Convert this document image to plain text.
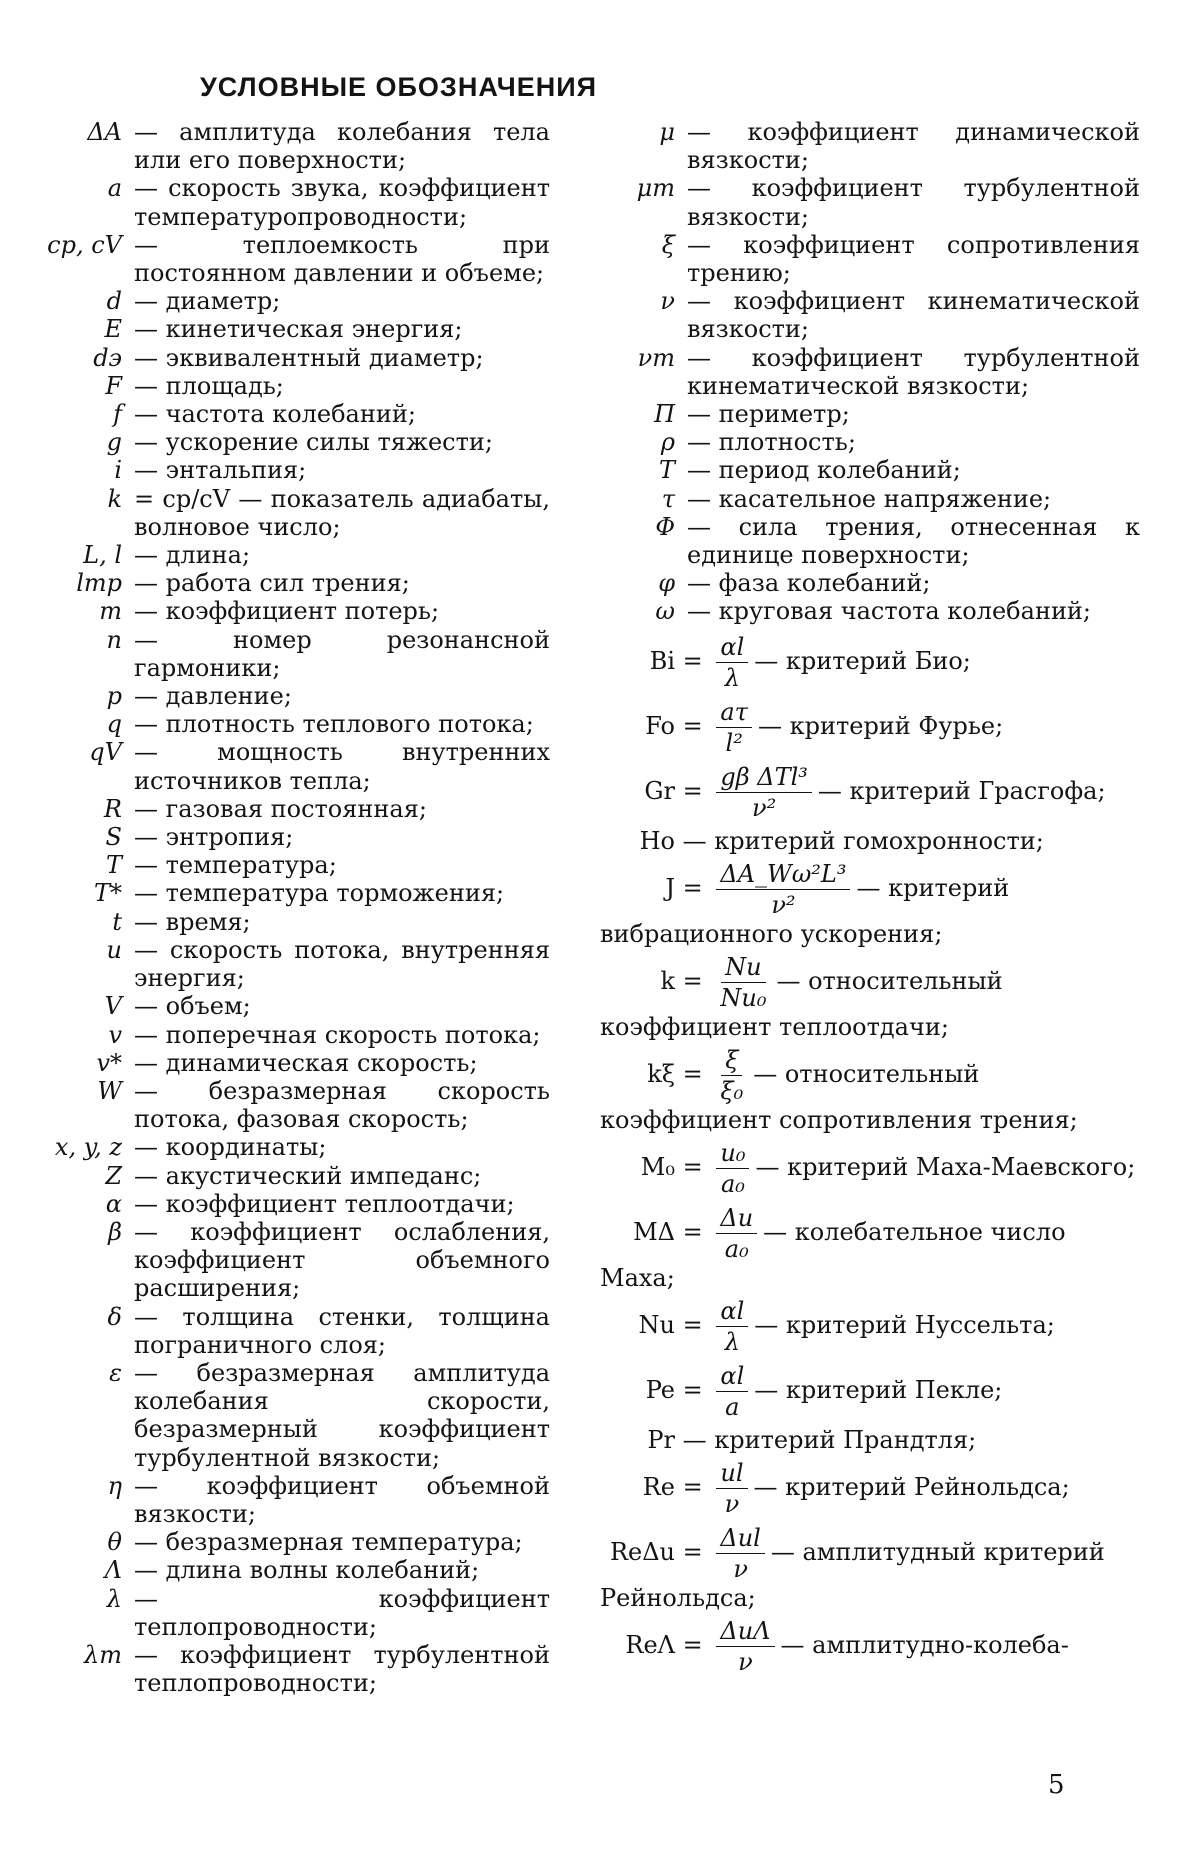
УСЛОВНЫЕ ОБОЗНАЧЕНИЯ
ΔA — амплитуда колебания тела или его поверхности;
a — скорость звука, коэффициент температуропроводности;
cp, cV — теплоемкость при постоянном давлении и объеме;
d — диаметр;
E — кинетическая энергия;
dэ — эквивалентный диаметр;
F — площадь;
f — частота колебаний;
g — ускорение силы тяжести;
i — энтальпия;
k = cp/cV — показатель адиабаты, волновое число;
L, l — длина;
lтр — работа сил трения;
m — коэффициент потерь;
n — номер резонансной гармоники;
p — давление;
q — плотность теплового потока;
qV — мощность внутренних источников тепла;
R — газовая постоянная;
S — энтропия;
T — температура;
T* — температура торможения;
t — время;
u — скорость потока, внутренняя энергия;
V — объем;
v — поперечная скорость потока;
v* — динамическая скорость;
W — безразмерная скорость потока, фазовая скорость;
x, y, z — координаты;
Z — акустический импеданс;
α — коэффициент теплоотдачи;
β — коэффициент ослабления, коэффициент объемного расширения;
δ — толщина стенки, толщина пограничного слоя;
ε — безразмерная амплитуда колебания скорости, безразмерный коэффициент турбулентной вязкости;
η — коэффициент объемной вязкости;
θ — безразмерная температура;
Λ — длина волны колебаний;
λ — коэффициент теплопроводности;
λт — коэффициент турбулентной теплопроводности;
μ — коэффициент динамической вязкости;
μт — коэффициент турбулентной вязкости;
ξ — коэффициент сопротивления трению;
ν — коэффициент кинематической вязкости;
νт — коэффициент турбулентной кинематической вязкости;
Π — периметр;
ρ — плотность;
T — период колебаний;
τ — касательное напряжение;
Φ — сила трения, отнесенная к единице поверхности;
φ — фаза колебаний;
ω — круговая частота колебаний;
$Bi = \frac{\alpha l}{\lambda}$ — критерий Био;
$Fo = \frac{a\tau}{\text{l²}}$ — критерий Фурье;
$Gr = \frac{\text{gβ ΔTl³}}{\text{ν²}}$ — критерий Грасгофа;
Ho — критерий гомохронности;
$J = \frac{\text{ΔA\_Wω²L³}}{\text{ν²}}$ — критерий вибрационного ускорения;
$k = \frac{Nu}{\text{Nu₀}}$ — относительный коэффициент теплоотдачи;
$k\xi = \frac{\xi}{\text{ξ₀}}$ — относительный коэффициент сопротивления трения;
$M_0 = \frac{\text{u₀}}{\text{a₀}}$ — критерий Маха-Маевского;
$M\Delta = \frac{\Delta u}{\text{a₀}}$ — колебательное число Маха;
$Nu = \frac{\alpha l}{\lambda}$ — критерий Нуссельта;
$Pe = \frac{\alpha l}{a}$ — критерий Пекле;
Pr — критерий Прандтля;
$Re = \frac{ul}{\nu}$ — критерий Рейнольдса;
$Re\Delta u = \frac{\text{Δul}}{\nu}$ — амплитудный критерий Рейнольдса;
$Re\Lambda = \frac{\text{ΔuΛ}}{\nu}$ — амплитудно-колеба-
5
